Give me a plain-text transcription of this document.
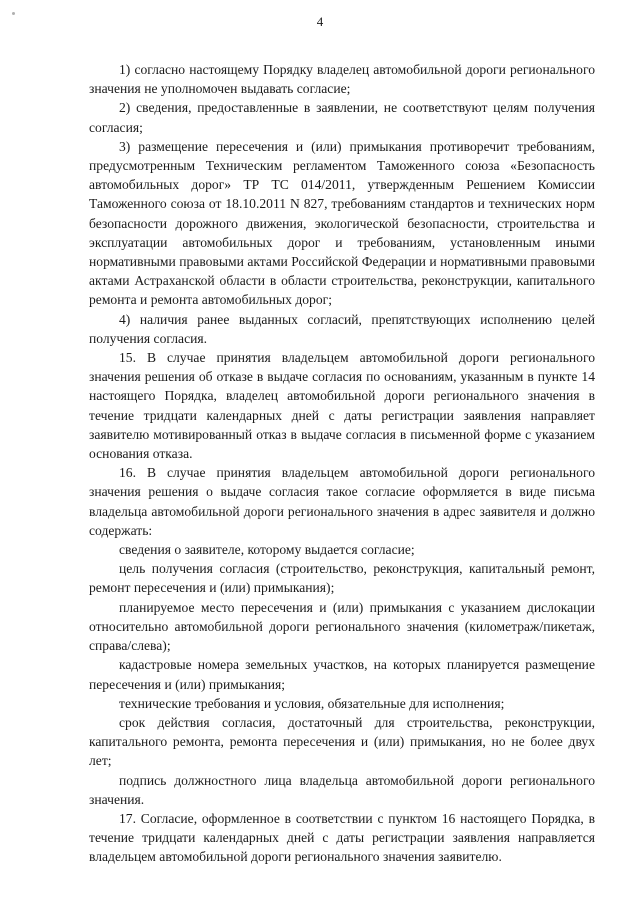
4

1) согласно настоящему Порядку владелец автомобильной дороги регионального значения не уполномочен выдавать согласие;

2) сведения, предоставленные в заявлении, не соответствуют целям получения согласия;

3) размещение пересечения и (или) примыкания противоречит требованиям, предусмотренным Техническим регламентом Таможенного союза «Безопасность автомобильных дорог» ТР ТС 014/2011, утвержденным Решением Комиссии Таможенного союза от 18.10.2011 N 827, требованиям стандартов и технических норм безопасности дорожного движения, экологической безопасности, строительства и эксплуатации автомобильных дорог и требованиям, установленным иными нормативными правовыми актами Российской Федерации и нормативными правовыми актами Астраханской области в области строительства, реконструкции, капитального ремонта и ремонта автомобильных дорог;

4) наличия ранее выданных согласий, препятствующих исполнению целей получения согласия.

15. В случае принятия владельцем автомобильной дороги регионального значения решения об отказе в выдаче согласия по основаниям, указанным в пункте 14 настоящего Порядка, владелец автомобильной дороги регионального значения в течение тридцати календарных дней с даты регистрации заявления направляет заявителю мотивированный отказ в выдаче согласия в письменной форме с указанием основания отказа.

16. В случае принятия владельцем автомобильной дороги регионального значения решения о выдаче согласия такое согласие оформляется в виде письма владельца автомобильной дороги регионального значения в адрес заявителя и должно содержать:

сведения о заявителе, которому выдается согласие;

цель получения согласия (строительство, реконструкция, капитальный ремонт, ремонт пересечения и (или) примыкания);

планируемое место пересечения и (или) примыкания с указанием дислокации относительно автомобильной дороги регионального значения (километраж/пикетаж, справа/слева);

кадастровые номера земельных участков, на которых планируется размещение пересечения и (или) примыкания;

технические требования и условия, обязательные для исполнения;

срок действия согласия, достаточный для строительства, реконструкции, капитального ремонта, ремонта пересечения и (или) примыкания, но не более двух лет;

подпись должностного лица владельца автомобильной дороги регионального значения.

17. Согласие, оформленное в соответствии с пунктом 16 настоящего Порядка, в течение тридцати календарных дней с даты регистрации заявления направляется владельцем автомобильной дороги регионального значения заявителю.
